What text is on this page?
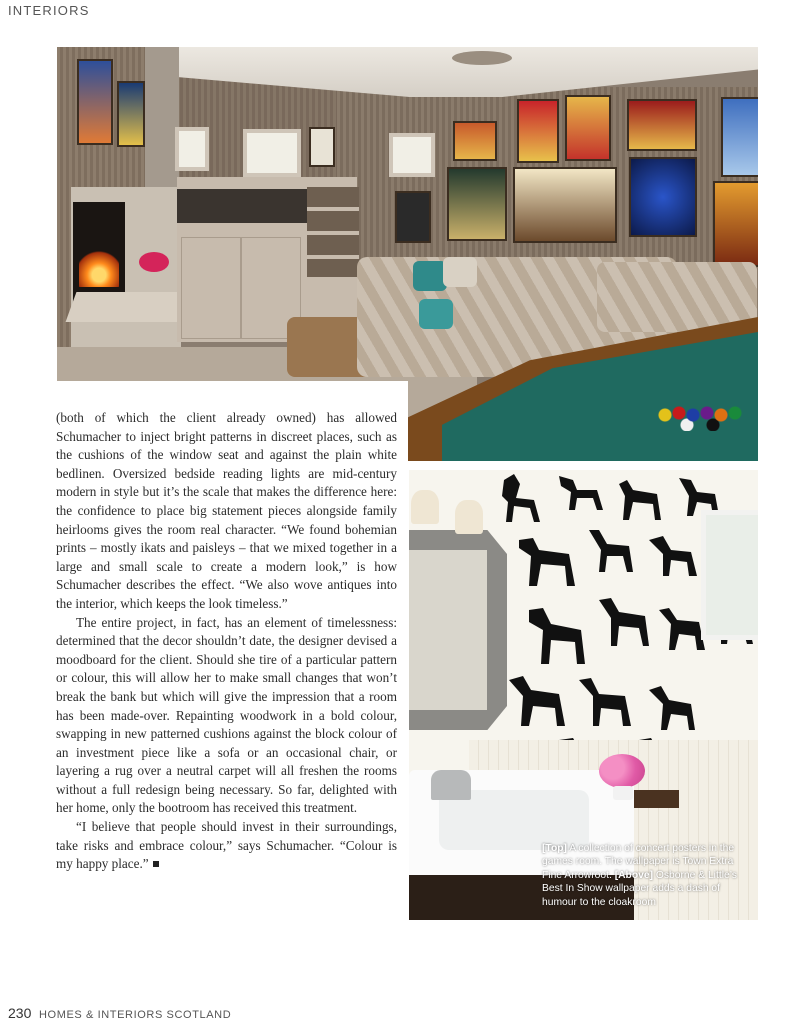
INTERIORS

(both of which the client already owned) has allowed Schumacher to inject bright patterns in discreet places, such as the cushions of the window seat and against the plain white bedlinen. Oversized bedside reading lights are mid-century modern in style but it’s the scale that makes the difference here: the confidence to place big statement pieces alongside family heirlooms gives the room real character. “We found bohemian prints – mostly ikats and paisleys – that we mixed together in a large and small scale to create a modern look,” is how Schumacher describes the effect. “We also wove antiques into the interior, which keeps the look timeless.”

The entire project, in fact, has an element of timelessness: determined that the decor shouldn’t date, the designer devised a moodboard for the client. Should she tire of a particular pattern or colour, this will allow her to make small changes that won’t break the bank but which will give the impression that a room has been made-over. Repainting woodwork in a bold colour, swapping in new patterned cushions against the block colour of an investment piece like a sofa or an occasional chair, or layering a rug over a neutral carpet will all freshen the rooms without a full redesign being necessary. So far, delighted with her home, only the bootroom has received this treatment.

“I believe that people should invest in their surroundings, take risks and embrace colour,” says Schumacher. “Colour is my happy place.”

[Top] A collection of concert posters in the games room. The wallpaper is Town Extra Fine Arrowroot. [Above] Osborne & Little’s Best In Show wallpaper adds a dash of humour to the cloakroom
230 HOMES & INTERIORS SCOTLAND
